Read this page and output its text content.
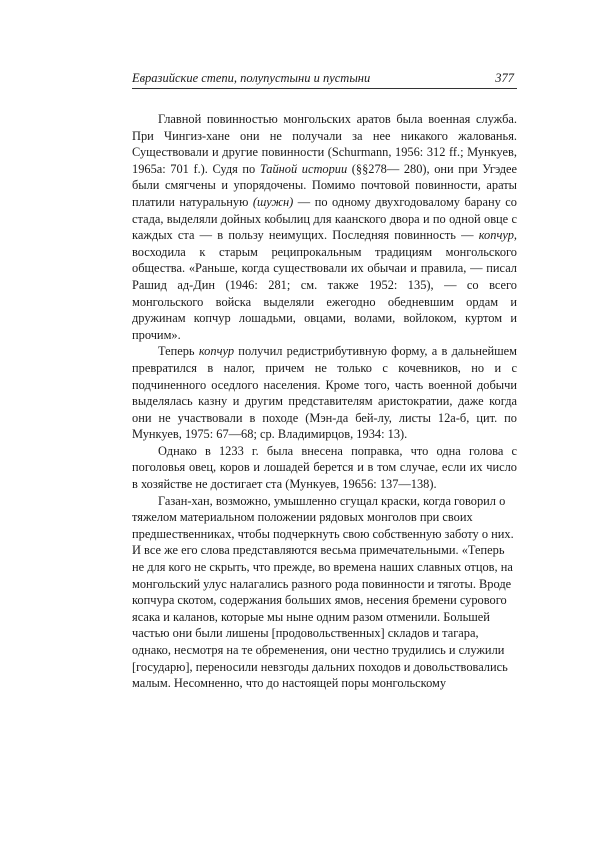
Евразийские степи, полупустыни и пустыни	377

Главной повинностью монгольских аратов была военная служба. При Чингиз-хане они не получали за нее никакого жалованья. Существовали и другие повинности (Schurmann, 1956: 312 ff.; Мункуев, 1965а: 701 f.). Судя по Тайной истории (§§278— 280), они при Угэдее были смягчены и упорядочены. Помимо почтовой повинности, араты платили натуральную (шужн) — по одному двухгодовалому барану со стада, выделяли дойных кобылиц для каанского двора и по одной овце с каждых ста — в пользу неимущих. Последняя повинность — копчур, восходила к старым реципрокальным традициям монгольского общества. «Раньше, когда существовали их обычаи и правила, — писал Рашид ад-Дин (1946: 281; см. также 1952: 135), — со всего монгольского войска выделяли ежегодно обедневшим ордам и дружинам копчур лошадьми, овцами, волами, войлоком, куртом и прочим».

Теперь копчур получил редистрибутивную форму, а в дальнейшем превратился в налог, причем не только с кочевников, но и с подчиненного оседлого населения. Кроме того, часть военной добычи выделялась казну и другим представителям аристократии, даже когда они не участвовали в походе (Мэн-да бей-лу, листы 12а-б, цит. по Мункуев, 1975: 67—68; ср. Владимирцов, 1934: 13).

Однако в 1233 г. была внесена поправка, что одна голова с поголовья овец, коров и лошадей берется и в том случае, если их число в хозяйстве не достигает ста (Мункуев, 19656: 137—138).

Газан-хан, возможно, умышленно сгущал краски, когда говорил о тяжелом материальном положении рядовых монголов при своих предшественниках, чтобы подчеркнуть свою собственную заботу о них. И все же его слова представляются весьма примечательными. «Теперь не для кого не скрыть, что прежде, во времена наших славных отцов, на монгольский улус налагались разного рода повинности и тяготы. Вроде копчура скотом, содержания больших ямов, несения бремени сурового ясака и каланов, которые мы ныне одним разом отменили. Большей частью они были лишены [продовольственных] складов и тагара, однако, несмотря на те обременения, они честно трудились и служили [государю], переносили невзгоды дальних походов и довольствовались малым. Несомненно, что до настоящей поры монгольскому
